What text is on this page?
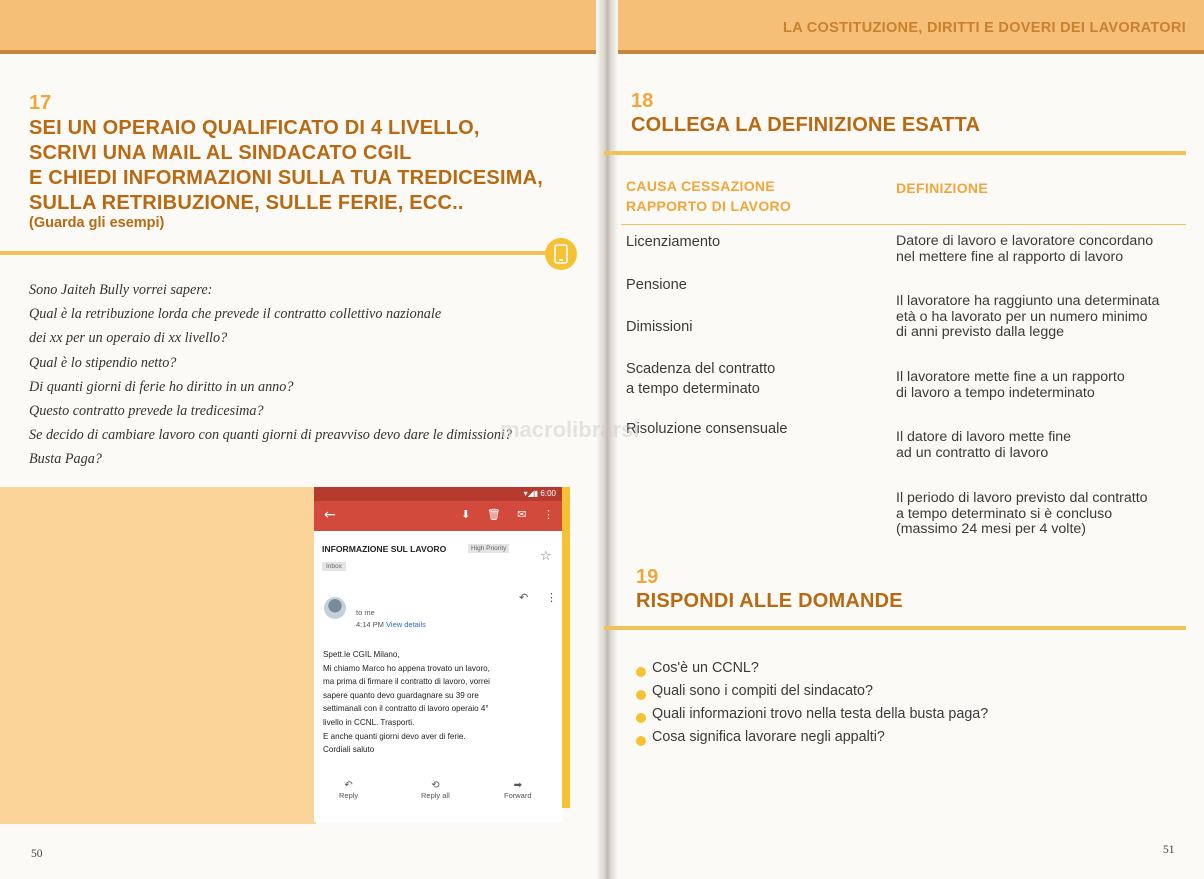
LA COSTITUZIONE, DIRITTI E DOVERI DEI LAVORATORI
17
SEI UN OPERAIO QUALIFICATO DI 4 LIVELLO,
SCRIVI UNA MAIL AL SINDACATO CGIL
E CHIEDI INFORMAZIONI SULLA TUA TREDICESIMA,
SULLA RETRIBUZIONE, SULLE FERIE, ECC..
(Guarda gli esempi)
Sono Jaiteh Bully vorrei sapere:
Qual è la retribuzione lorda che prevede il contratto collettivo nazionale
dei xx per un operaio di xx livello?
Qual è lo stipendio netto?
Di quanti giorni di ferie ho diritto in un anno?
Questo contratto prevede la tredicesima?
Se decido di cambiare lavoro con quanti giorni di preavviso devo dare le dimissioni?
Busta Paga?
▾◢▮ 6:00
←	⬇ 🗑 ✉ ⋮
INFORMAZIONE SUL LAVORO	High Priority
Inbox
☆
to me
4:14 PM View details
↶ ⋮
Spett.le CGIL Milano,
Mi chiamo Marco ho appena trovato un lavoro,
ma prima di firmare il contratto di lavoro, vorrei
sapere quanto devo guardagnare su 39 ore
settimanali con il contratto di lavoro operaio 4°
livello in CCNL. Trasporti.
E anche quanti giorni devo aver di ferie.
Cordiali saluto
↶
Reply
⟲
Reply all
➡
Forward
50
18
COLLEGA LA DEFINIZIONE ESATTA
CAUSA CESSAZIONE
RAPPORTO DI LAVORO
DEFINIZIONE
Licenziamento
Pensione
Dimissioni
Scadenza del contratto
a tempo determinato
Risoluzione consensuale
Datore di lavoro e lavoratore concordano
nel mettere fine al rapporto di lavoro
Il lavoratore ha raggiunto una determinata
età o ha lavorato per un numero minimo
di anni previsto dalla legge
Il lavoratore mette fine a un rapporto
di lavoro a tempo indeterminato
Il datore di lavoro mette fine
ad un contratto di lavoro
Il periodo di lavoro previsto dal contratto
a tempo determinato si è concluso
(massimo 24 mesi per 4 volte)
19
RISPONDI ALLE DOMANDE
Cos'è un CCNL?
Quali sono i compiti del sindacato?
Quali informazioni trovo nella testa della busta paga?
Cosa significa lavorare negli appalti?
51
macrolibrarsi
